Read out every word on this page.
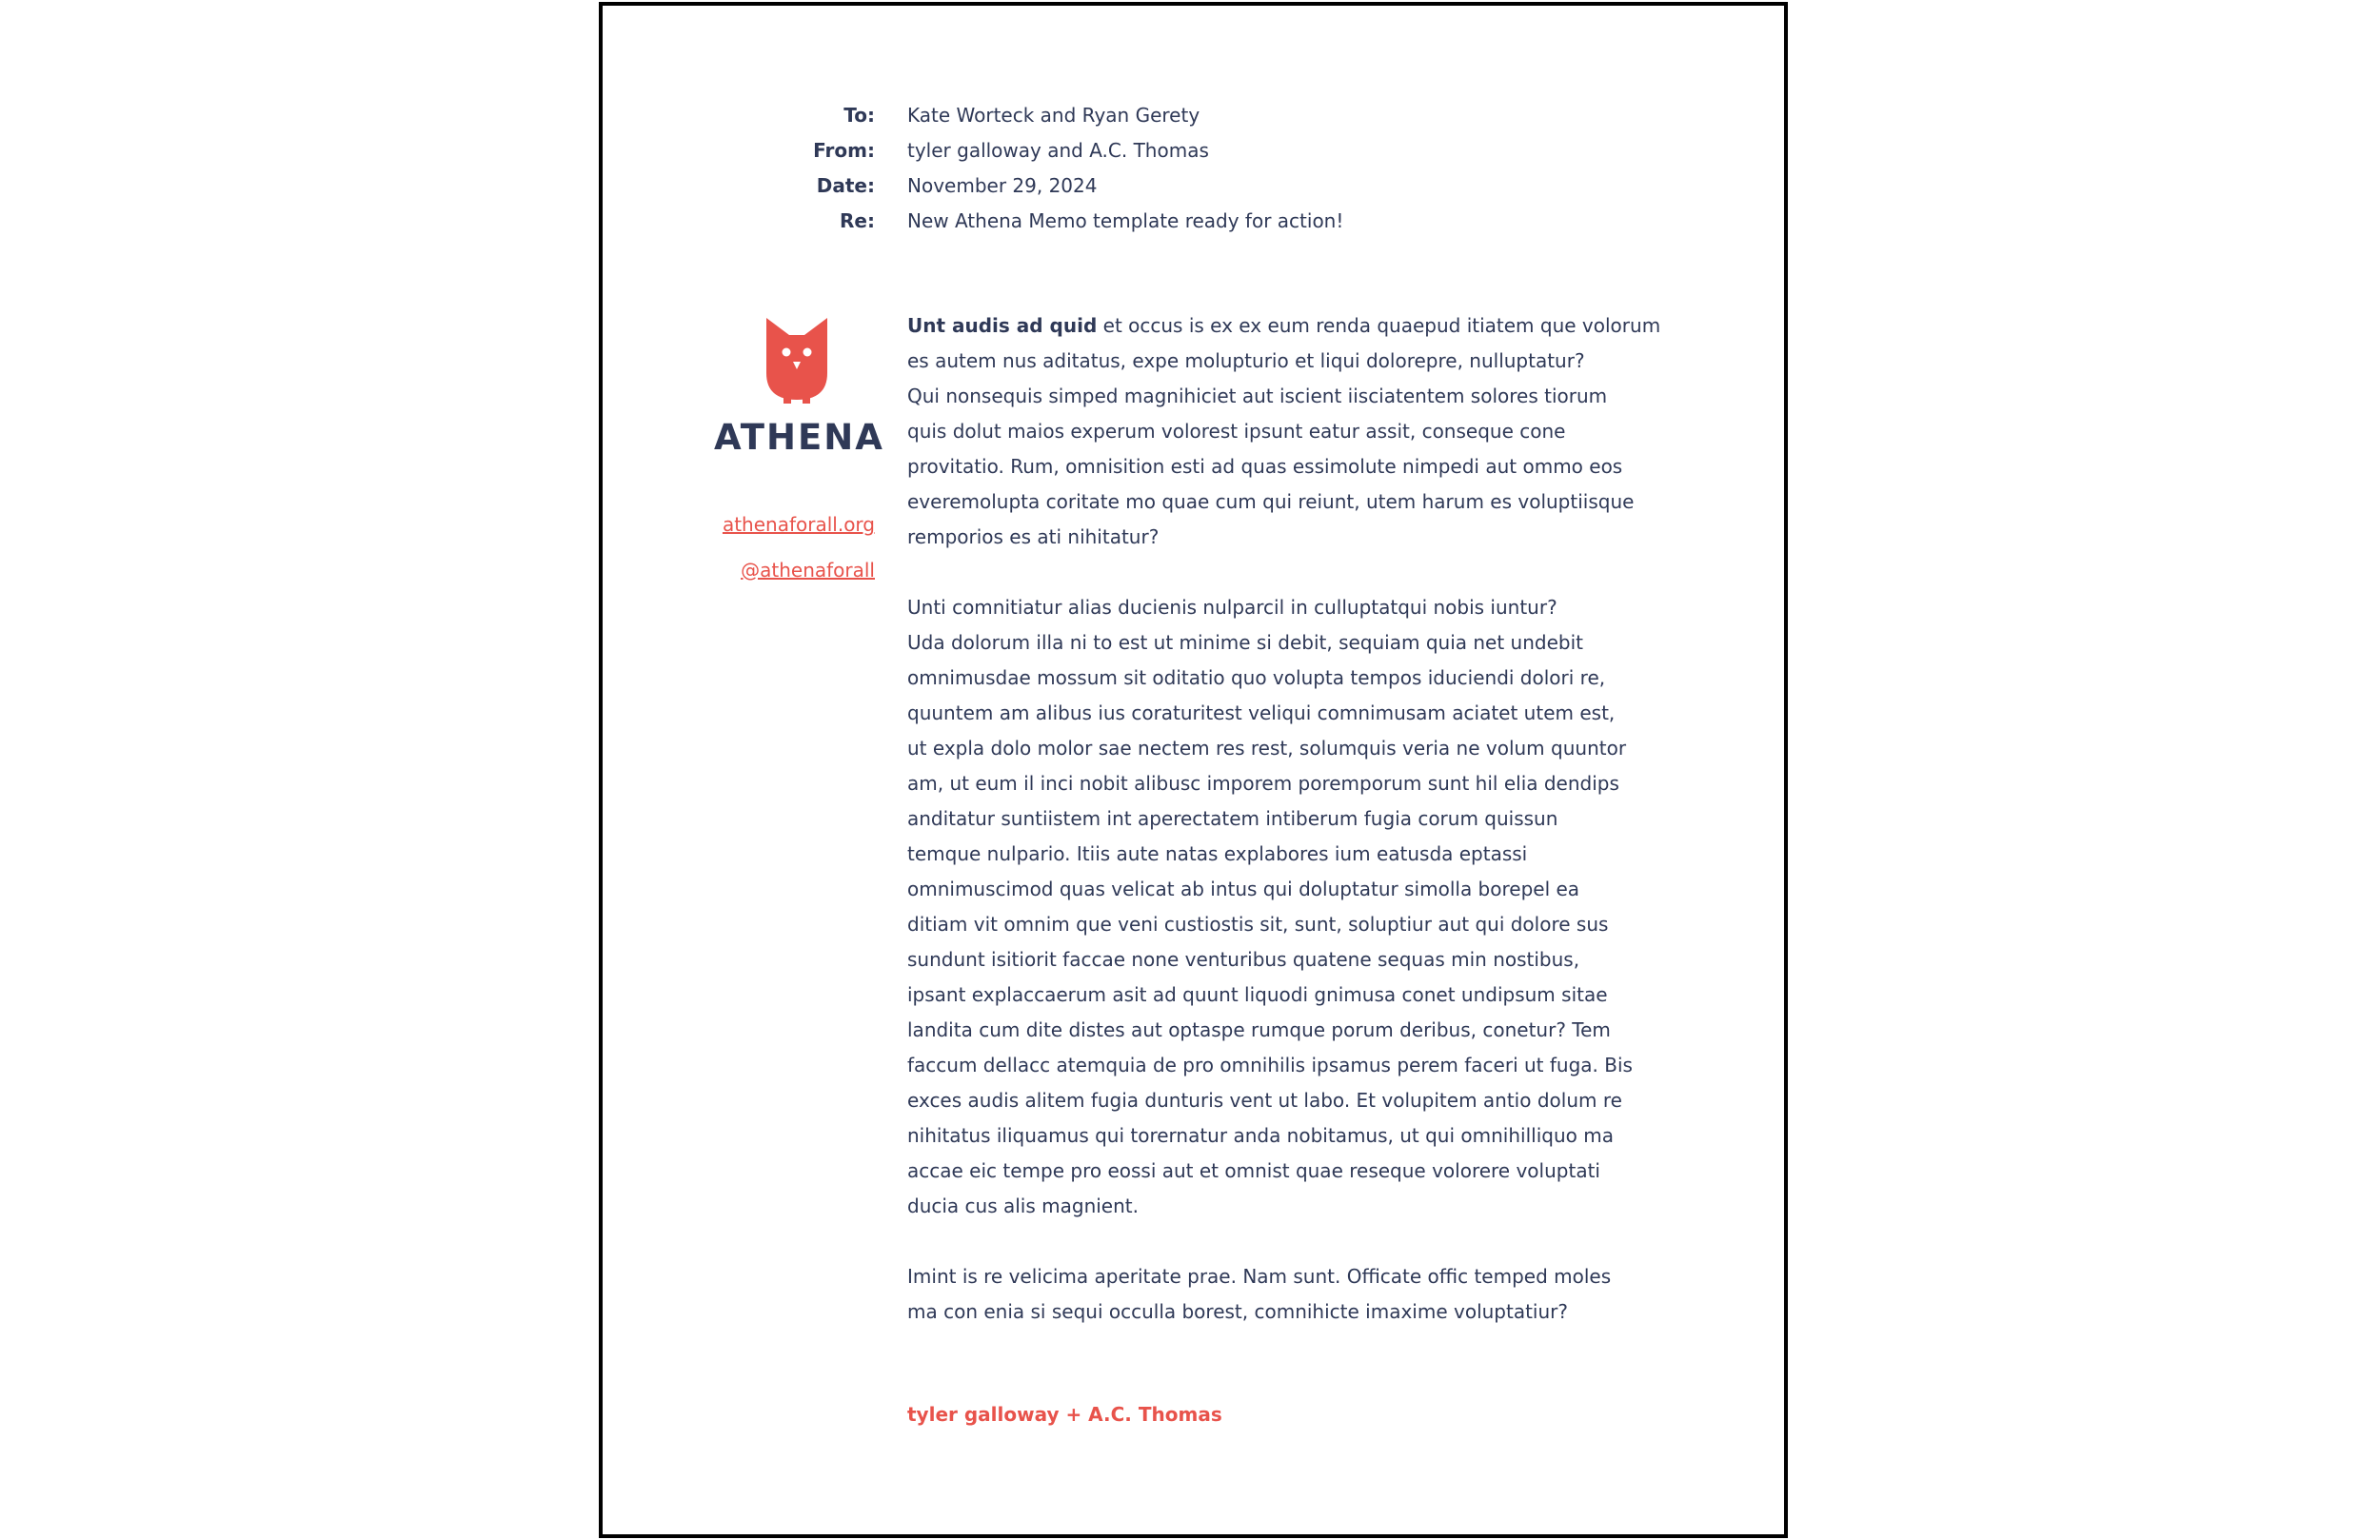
To: Kate Worteck and Ryan Gerety
From: tyler galloway and A.C. Thomas
Date: November 29, 2024
Re: New Athena Memo template ready for action!
ATHENA
athenaforall.org
@athenaforall

Unt audis ad quid et occus is ex ex eum renda quaepud itiatem que volorum
es autem nus aditatus, expe molupturio et liqui dolorepre, nulluptatur?
Qui nonsequis simped magnihiciet aut iscient iisciatentem solores tiorum
quis dolut maios experum volorest ipsunt eatur assit, conseque cone
provitatio. Rum, omnisition esti ad quas essimolute nimpedi aut ommo eos
everemolupta coritate mo quae cum qui reiunt, utem harum es voluptiisque
remporios es ati nihitatur?

Unti comnitiatur alias ducienis nulparcil in culluptatqui nobis iuntur?
Uda dolorum illa ni to est ut minime si debit, sequiam quia net undebit
omnimusdae mossum sit oditatio quo volupta tempos iduciendi dolori re,
quuntem am alibus ius coraturitest veliqui comnimusam aciatet utem est,
ut expla dolo molor sae nectem res rest, solumquis veria ne volum quuntor
am, ut eum il inci nobit alibusc imporem poremporum sunt hil elia dendips
anditatur suntiistem int aperectatem intiberum fugia corum quissun
temque nulpario. Itiis aute natas explabores ium eatusda eptassi
omnimuscimod quas velicat ab intus qui doluptatur simolla borepel ea
ditiam vit omnim que veni custiostis sit, sunt, soluptiur aut qui dolore sus
sundunt isitiorit faccae none venturibus quatene sequas min nostibus,
ipsant explaccaerum asit ad quunt liquodi gnimusa conet undipsum sitae
landita cum dite distes aut optaspe rumque porum deribus, conetur? Tem
faccum dellacc atemquia de pro omnihilis ipsamus perem faceri ut fuga. Bis
exces audis alitem fugia dunturis vent ut labo. Et volupitem antio dolum re
nihitatus iliquamus qui torernatur anda nobitamus, ut qui omnihilliquo ma
accae eic tempe pro eossi aut et omnist quae reseque volorere voluptati
ducia cus alis magnient.

Imint is re velicima aperitate prae. Nam sunt. Officate offic temped moles
ma con enia si sequi occulla borest, comnihicte imaxime voluptatiur?

tyler galloway + A.C. Thomas
